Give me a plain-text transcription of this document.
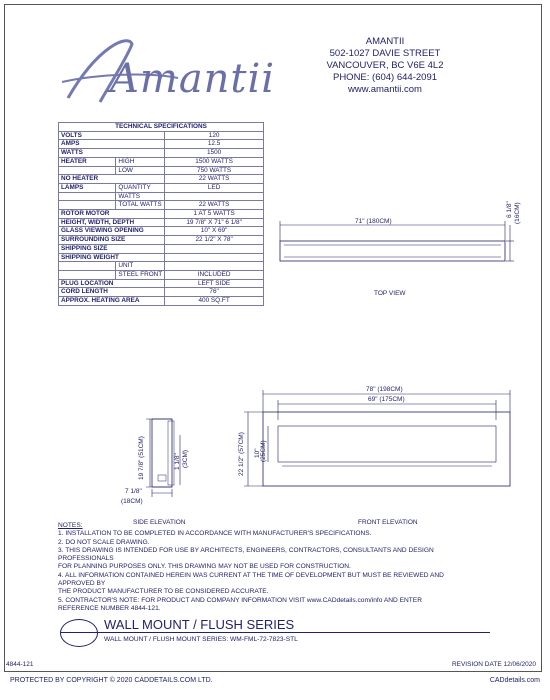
Amantii
AMANTII
502-1027 DAVIE STREET
VANCOUVER, BC V6E 4L2
PHONE: (604) 644-2091
www.amantii.com
TECHNICAL SPECIFICATIONS		
VOLTS		120
AMPS		12.5
WATTS		1500
HEATER	HIGH	1500 WATTS
	LOW	750 WATTS
NO HEATER		22 WATTS
LAMPS	QUANTITY	LED
	WATTS	
	TOTAL WATTS	22 WATTS
ROTOR MOTOR		1 AT 5 WATTS
HEIGHT, WIDTH, DEPTH		19 7/8" X 71" 6 1/8"
GLASS VIEWING OPENING		10" X 69"
SURROUNDING SIZE		22 1/2" X 78"
SHIPPING SIZE		
SHIPPING WEIGHT		
	UNIT	
	STEEL FRONT	INCLUDED
PLUG LOCATION		LEFT SIDE
CORD LENGTH		76"
APPROX. HEATING AREA		400 SQ.FT
71" (180CM)
6 1/8" (16CM)
TOP VIEW
19 7/8" (51CM)	1 1/8" (3CM)
7 1/8"
(18CM)
SIDE ELEVATION
78" (198CM)
69" (175CM)
22 1/2" (57CM) 10" (25CM)
FRONT ELEVATION
NOTES:
1. INSTALLATION TO BE COMPLETED IN ACCORDANCE WITH MANUFACTURER'S SPECIFICATIONS.
2. DO NOT SCALE DRAWING.
3. THIS DRAWING IS INTENDED FOR USE BY ARCHITECTS, ENGINEERS, CONTRACTORS, CONSULTANTS AND DESIGN PROFESSIONALS
FOR PLANNING PURPOSES ONLY. THIS DRAWING MAY NOT BE USED FOR CONSTRUCTION.
4. ALL INFORMATION CONTAINED HEREIN WAS CURRENT AT THE TIME OF DEVELOPMENT BUT MUST BE REVIEWED AND APPROVED BY
THE PRODUCT MANUFACTURER TO BE CONSIDERED ACCURATE.
5. CONTRACTOR'S NOTE: FOR PRODUCT AND COMPANY INFORMATION VISIT www.CADdetails.com/info AND ENTER
REFERENCE NUMBER 4844-121.
WALL MOUNT / FLUSH SERIES
WALL MOUNT / FLUSH MOUNT SERIES: WM-FML-72-7823-STL
4844-121	REVISION DATE 12/06/2020
PROTECTED BY COPYRIGHT © 2020 CADDETAILS.COM LTD.	CADdetails.com
